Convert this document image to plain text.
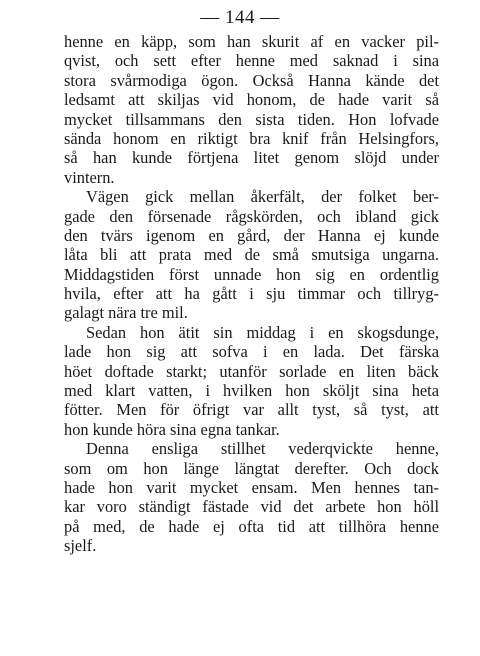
— 144 —
henne en käpp, som han skurit af en vacker pil-
qvist, och sett efter henne med saknad i sina
stora svårmodiga ögon. Också Hanna kände det
ledsamt att skiljas vid honom, de hade varit så
mycket tillsammans den sista tiden. Hon lofvade
sända honom en riktigt bra knif från Helsingfors,
så han kunde förtjena litet genom slöjd under
vintern.
Vägen gick mellan åkerfält, der folket ber-
gade den försenade rågskörden, och ibland gick
den tvärs igenom en gård, der Hanna ej kunde
låta bli att prata med de små smutsiga ungarna.
Middagstiden först unnade hon sig en ordentlig
hvila, efter att ha gått i sju timmar och tillryg-
galagt nära tre mil.
Sedan hon ätit sin middag i en skogsdunge,
lade hon sig att sofva i en lada. Det färska
höet doftade starkt; utanför sorlade en liten bäck
med klart vatten, i hvilken hon sköljt sina heta
fötter. Men för öfrigt var allt tyst, så tyst, att
hon kunde höra sina egna tankar.
Denna ensliga stillhet vederqvickte henne,
som om hon länge längtat derefter. Och dock
hade hon varit mycket ensam. Men hennes tan-
kar voro ständigt fästade vid det arbete hon höll
på med, de hade ej ofta tid att tillhöra henne
sjelf.
